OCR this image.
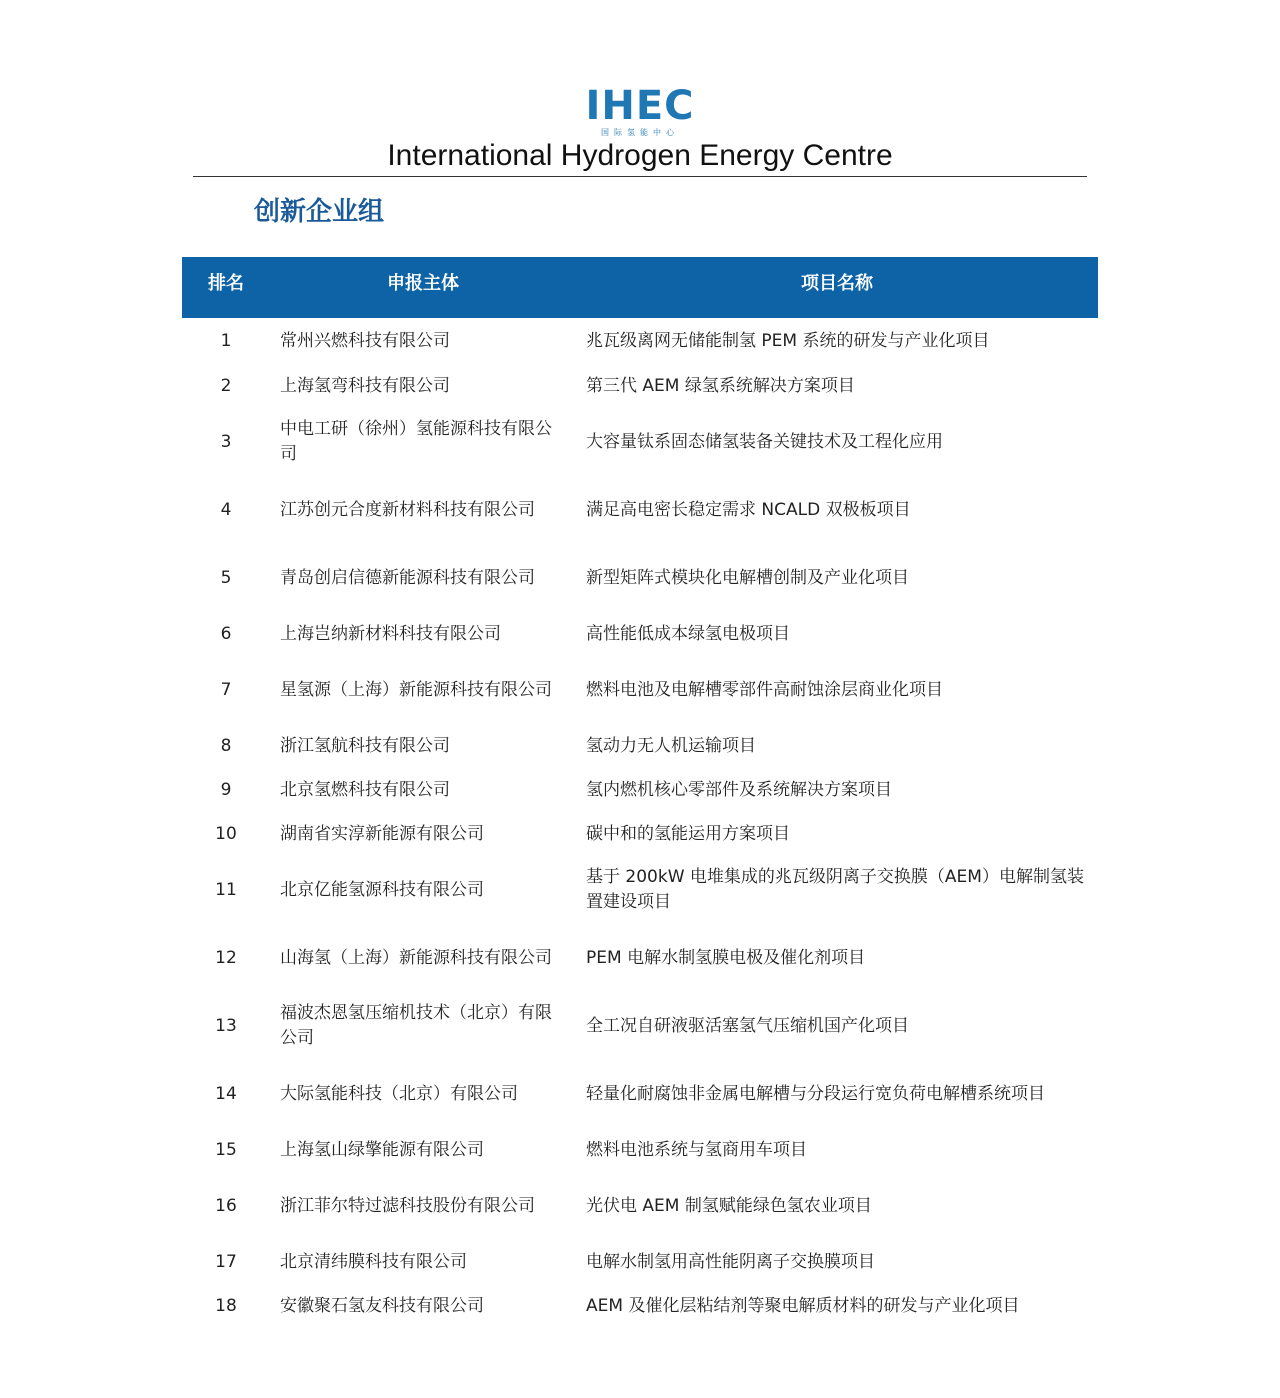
IHEC
国际氢能中心
International Hydrogen Energy Centre
创新企业组
排名	申报主体	项目名称
1	常州兴燃科技有限公司	兆瓦级离网无储能制氢 PEM 系统的研发与产业化项目
2	上海氢弯科技有限公司	第三代 AEM 绿氢系统解决方案项目
3	中电工研（徐州）氢能源科技有限公司	大容量钛系固态储氢装备关键技术及工程化应用
4	江苏创元合度新材料科技有限公司	满足高电密长稳定需求 NCALD 双极板项目
5	青岛创启信德新能源科技有限公司	新型矩阵式模块化电解槽创制及产业化项目
6	上海岂纳新材料科技有限公司	高性能低成本绿氢电极项目
7	星氢源（上海）新能源科技有限公司	燃料电池及电解槽零部件高耐蚀涂层商业化项目
8	浙江氢航科技有限公司	氢动力无人机运输项目
9	北京氢燃科技有限公司	氢内燃机核心零部件及系统解决方案项目
10	湖南省实淳新能源有限公司	碳中和的氢能运用方案项目
11	北京亿能氢源科技有限公司	基于 200kW 电堆集成的兆瓦级阴离子交换膜（AEM）电解制氢装置建设项目
12	山海氢（上海）新能源科技有限公司	PEM 电解水制氢膜电极及催化剂项目
13	福波杰恩氢压缩机技术（北京）有限公司	全工况自研液驱活塞氢气压缩机国产化项目
14	大际氢能科技（北京）有限公司	轻量化耐腐蚀非金属电解槽与分段运行宽负荷电解槽系统项目
15	上海氢山绿擎能源有限公司	燃料电池系统与氢商用车项目
16	浙江菲尔特过滤科技股份有限公司	光伏电 AEM 制氢赋能绿色氢农业项目
17	北京清纬膜科技有限公司	电解水制氢用高性能阴离子交换膜项目
18	安徽聚石氢友科技有限公司	AEM 及催化层粘结剂等聚电解质材料的研发与产业化项目
